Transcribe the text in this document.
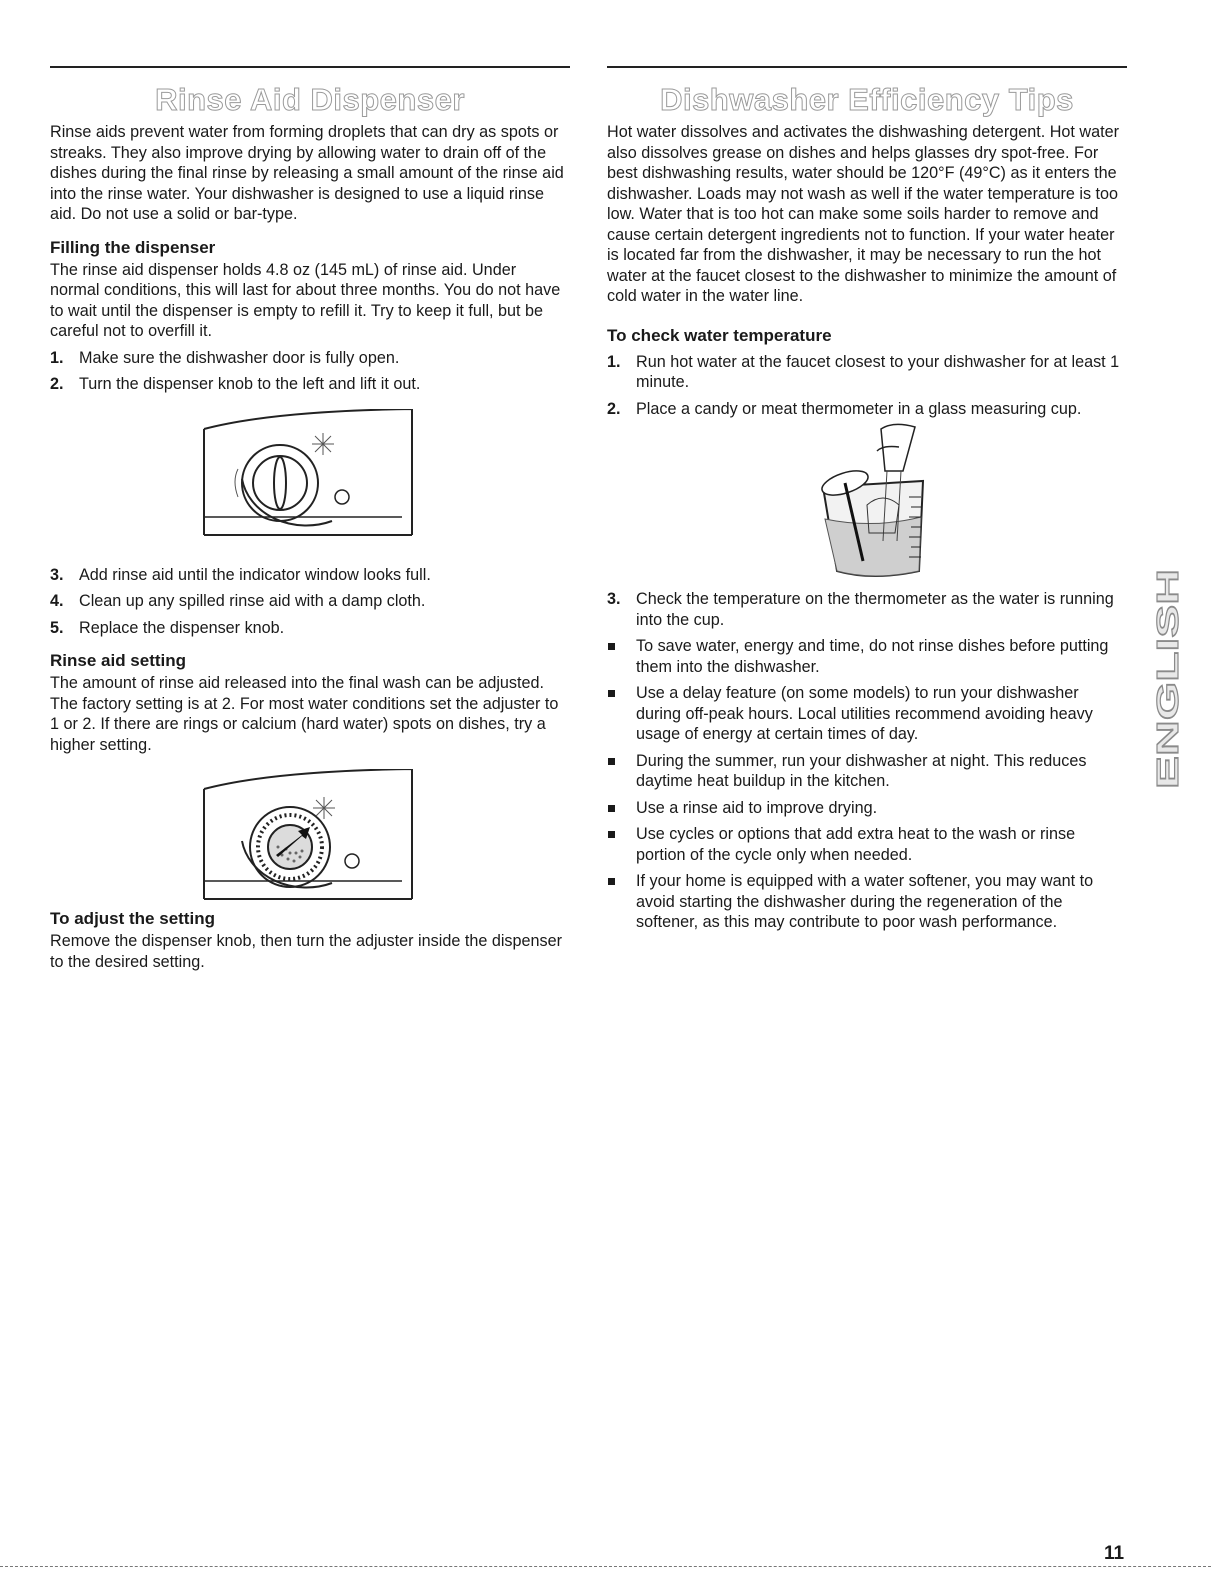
Rinse Aid Dispenser

Rinse aids prevent water from forming droplets that can dry as spots or streaks. They also improve drying by allowing water to drain off of the dishes during the final rinse by releasing a small amount of the rinse aid into the rinse water. Your dishwasher is designed to use a liquid rinse aid. Do not use a solid or bar-type.

Filling the dispenser

The rinse aid dispenser holds 4.8 oz (145 mL) of rinse aid. Under normal conditions, this will last for about three months. You do not have to wait until the dispenser is empty to refill it. Try to keep it full, but be careful not to overfill it.

1. Make sure the dishwasher door is fully open.
2. Turn the dispenser knob to the left and lift it out.
3. Add rinse aid until the indicator window looks full.
4. Clean up any spilled rinse aid with a damp cloth.
5. Replace the dispenser knob.
Rinse aid setting

The amount of rinse aid released into the final wash can be adjusted. The factory setting is at 2. For most water conditions set the adjuster to 1 or 2. If there are rings or calcium (hard water) spots on dishes, try a higher setting.

To adjust the setting

Remove the dispenser knob, then turn the adjuster inside the dispenser to the desired setting.

Dishwasher Efficiency Tips

Hot water dissolves and activates the dishwashing detergent. Hot water also dissolves grease on dishes and helps glasses dry spot-free. For best dishwashing results, water should be 120°F (49°C) as it enters the dishwasher. Loads may not wash as well if the water temperature is too low. Water that is too hot can make some soils harder to remove and cause certain detergent ingredients not to function. If your water heater is located far from the dishwasher, it may be necessary to run the hot water at the faucet closest to the dishwasher to minimize the amount of cold water in the water line.

To check water temperature
1. Run hot water at the faucet closest to your dishwasher for at least 1 minute.
2. Place a candy or meat thermometer in a glass measuring cup.
3. Check the temperature on the thermometer as the water is running into the cup.
To save water, energy and time, do not rinse dishes before putting them into the dishwasher.
Use a delay feature (on some models) to run your dishwasher during off-peak hours. Local utilities recommend avoiding heavy usage of energy at certain times of day.
During the summer, run your dishwasher at night. This reduces daytime heat buildup in the kitchen.
Use a rinse aid to improve drying.
Use cycles or options that add extra heat to the wash or rinse portion of the cycle only when needed.
If your home is equipped with a water softener, you may want to avoid starting the dishwasher during the regeneration of the softener, as this may contribute to poor wash performance.
ENGLISH
11
